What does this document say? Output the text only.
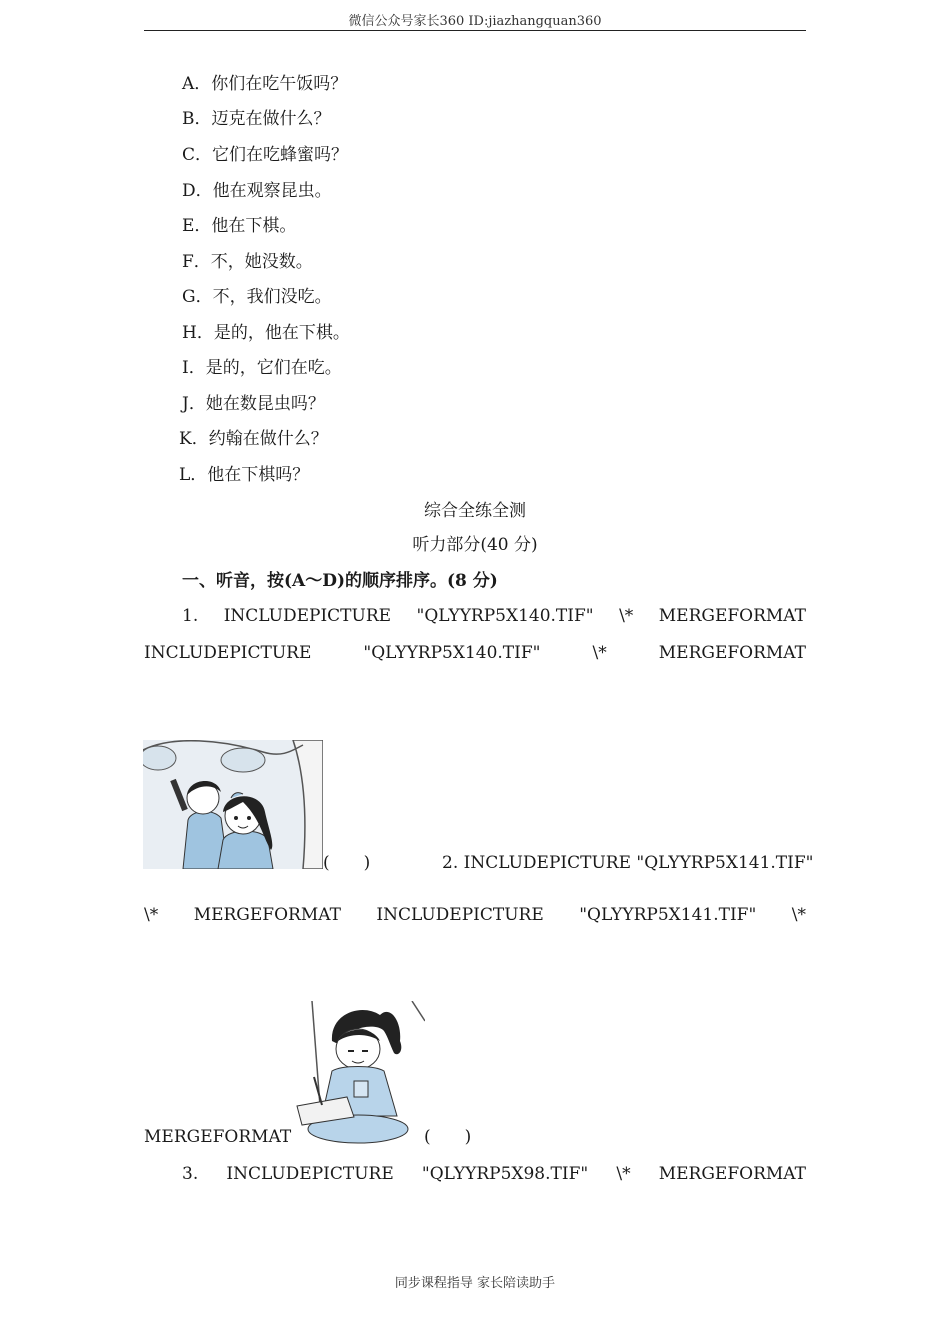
微信公众号家长360 ID:jiazhangquan360
A．你们在吃午饭吗？
B．迈克在做什么？
C．它们在吃蜂蜜吗？
D．他在观察昆虫。
E．他在下棋。
F．不，她没数。
G．不，我们没吃。
H．是的，他在下棋。
I．是的，它们在吃。
J．她在数昆虫吗？
K．约翰在做什么？
L．他在下棋吗？
综合全练全测
听力部分(40 分)
一、听音，按(A～D)的顺序排序。(8 分)
1. INCLUDEPICTURE "QLYYRP5X140.TIF" \* MERGEFORMAT
INCLUDEPICTURE	"QLYYRP5X140.TIF"	\*	MERGEFORMAT
(　　)	2. INCLUDEPICTURE "QLYYRP5X141.TIF"
\* MERGEFORMAT INCLUDEPICTURE "QLYYRP5X141.TIF" \*
MERGEFORMAT	(　　)
3. INCLUDEPICTURE "QLYYRP5X98.TIF" \* MERGEFORMAT
同步课程指导 家长陪读助手
